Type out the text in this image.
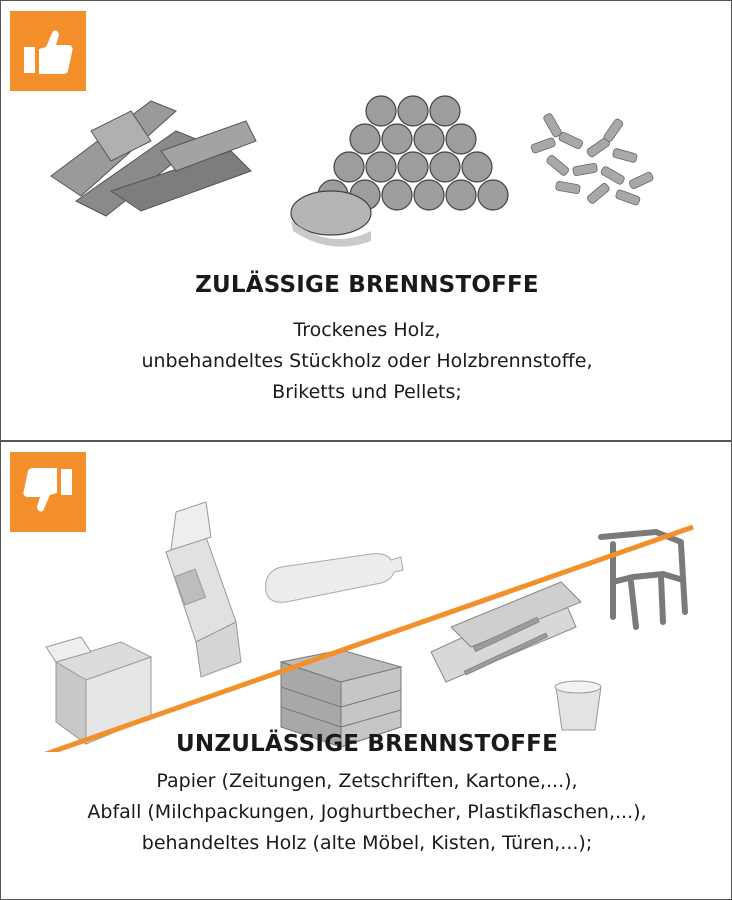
ZULÄSSIGE BRENNSTOFFE
Trockenes Holz,
unbehandeltes Stückholz oder Holzbrennstoffe,
Briketts und Pellets;
UNZULÄSSIGE BRENNSTOFFE
Papier (Zeitungen, Zetschriften, Kartone,...),
Abfall (Milchpackungen, Joghurtbecher, Plastikflaschen,...),
behandeltes Holz (alte Möbel, Kisten, Türen,...);
